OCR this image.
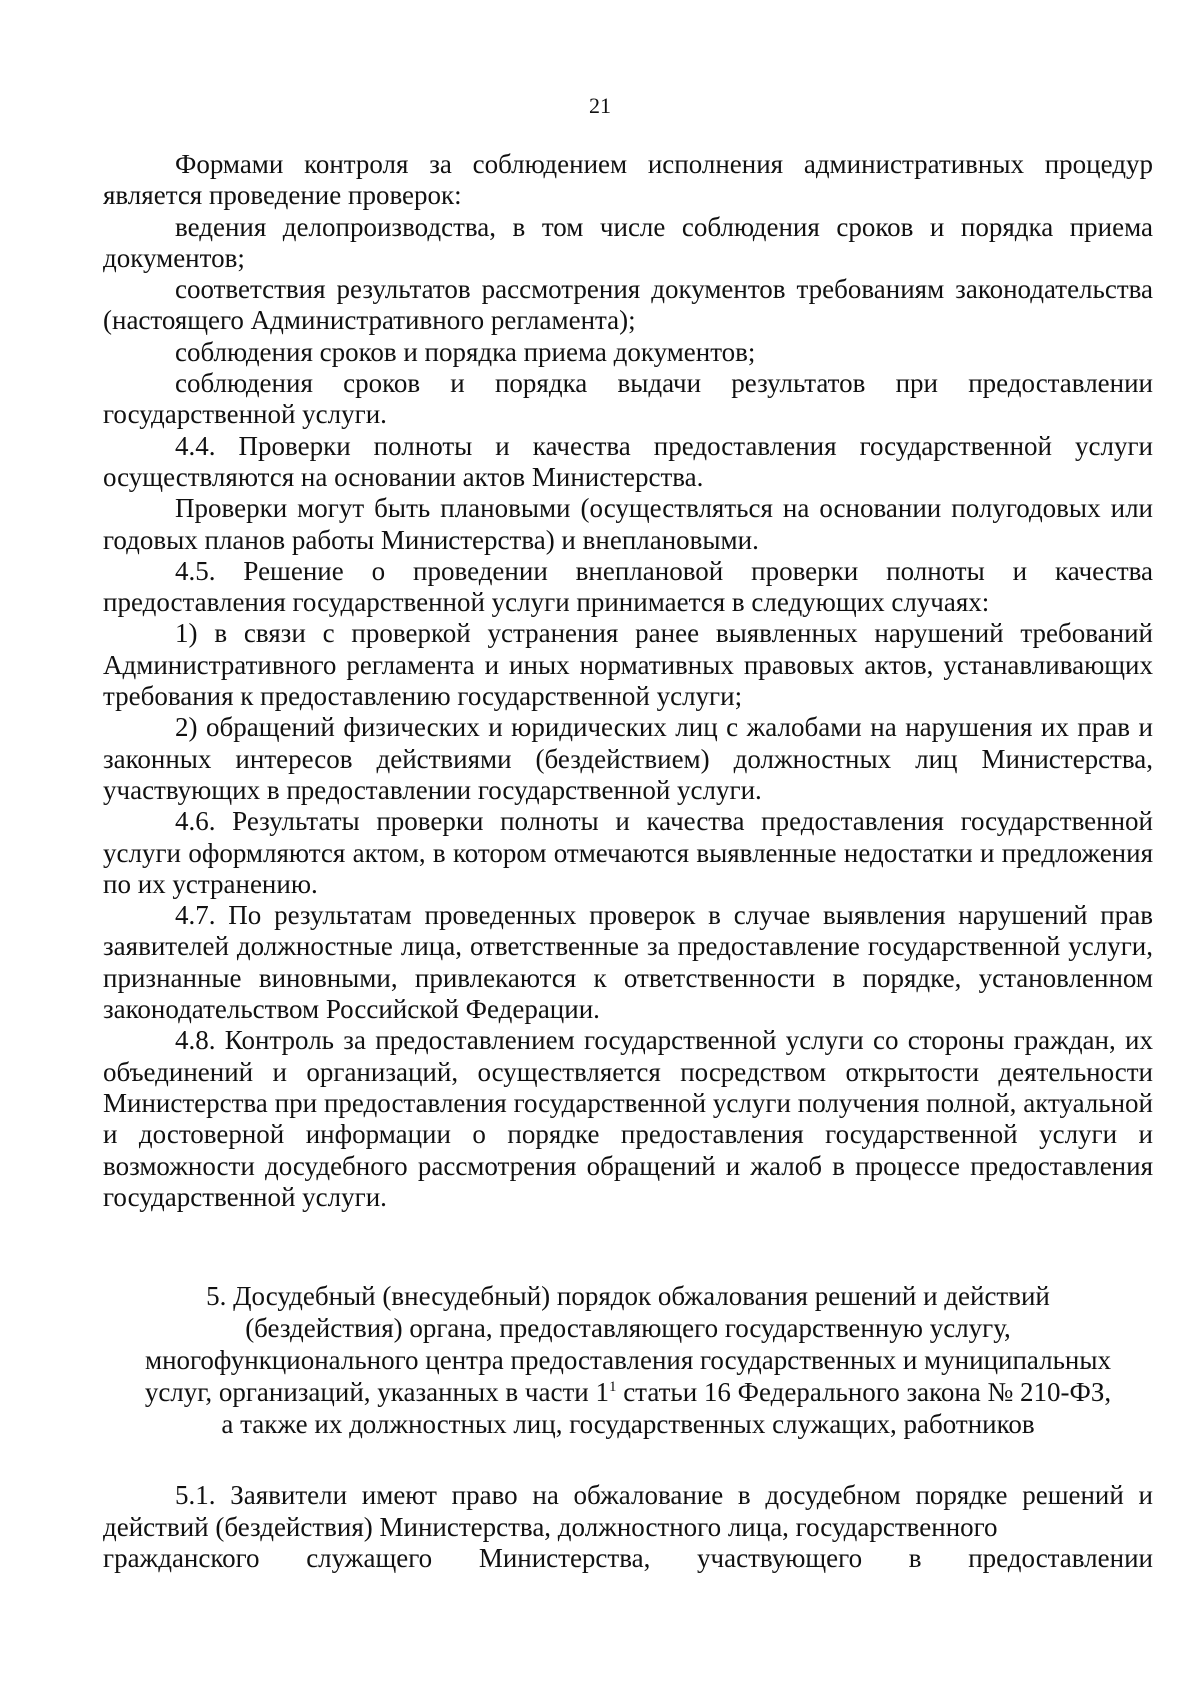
21

Формами контроля за соблюдением исполнения административных процедур является проведение проверок:

ведения делопроизводства, в том числе соблюдения сроков и порядка приема документов;

соответствия результатов рассмотрения документов требованиям законодательства (настоящего Административного регламента);

соблюдения сроков и порядка приема документов;

соблюдения сроков и порядка выдачи результатов при предоставлении государственной услуги.

4.4. Проверки полноты и качества предоставления государственной услуги осуществляются на основании актов Министерства.

Проверки могут быть плановыми (осуществляться на основании полугодовых или годовых планов работы Министерства) и внеплановыми.

4.5. Решение о проведении внеплановой проверки полноты и качества предоставления государственной услуги принимается в следующих случаях:

1) в связи с проверкой устранения ранее выявленных нарушений требований Административного регламента и иных нормативных правовых актов, устанавливающих требования к предоставлению государственной услуги;

2) обращений физических и юридических лиц с жалобами на нарушения их прав и законных интересов действиями (бездействием) должностных лиц Министерства, участвующих в предоставлении государственной услуги.

4.6. Результаты проверки полноты и качества предоставления государственной услуги оформляются актом, в котором отмечаются выявленные недостатки и предложения по их устранению.

4.7. По результатам проведенных проверок в случае выявления нарушений прав заявителей должностные лица, ответственные за предоставление государственной услуги, признанные виновными, привлекаются к ответственности в порядке, установленном законодательством Российской Федерации.

4.8. Контроль за предоставлением государственной услуги со стороны граждан, их объединений и организаций, осуществляется посредством открытости деятельности Министерства при предоставления государственной услуги получения полной, актуальной и достоверной информации о порядке предоставления государственной услуги и возможности досудебного рассмотрения обращений и жалоб в процессе предоставления государственной услуги.

5. Досудебный (внесудебный) порядок обжалования решений и действий
(бездействия) органа, предоставляющего государственную услугу,
многофункционального центра предоставления государственных и муниципальных
услуг, организаций, указанных в части $1^1$ статьи 16 Федерального закона № 210-ФЗ,
а также их должностных лиц, государственных служащих, работников

5.1. Заявители имеют право на обжалование в досудебном порядке решений и действий (бездействия) Министерства, должностного лица, государственного

гражданского служащего Министерства, участвующего в предоставлении
